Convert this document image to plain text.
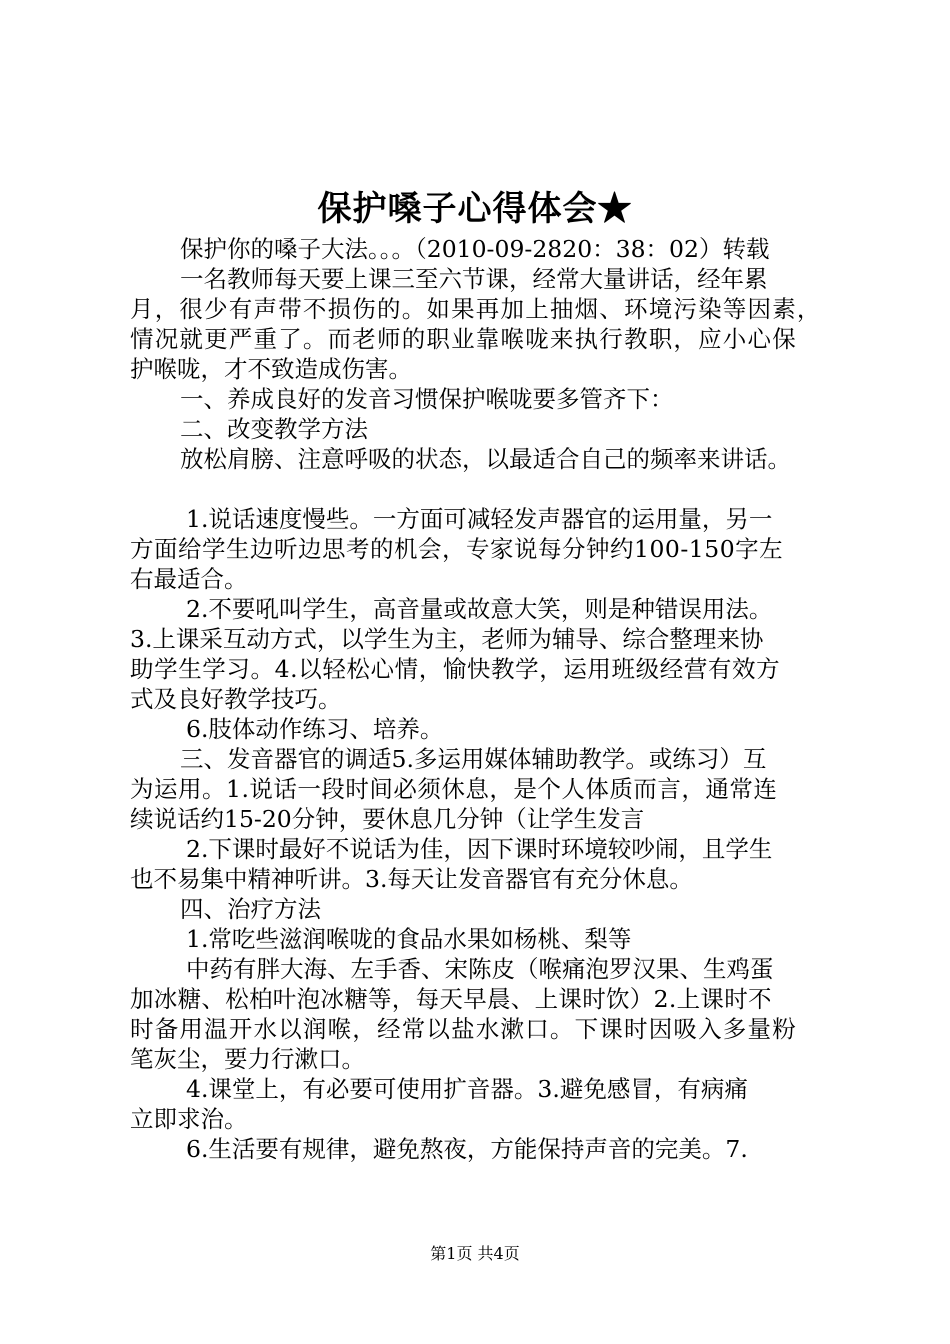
保护嗓子心得体会★
保护你的嗓子大法。。。（2010-09-2820：38：02）转载
一名教师每天要上课三至六节课，经常大量讲话，经年累
月，很少有声带不损伤的。如果再加上抽烟、环境污染等因素，
情况就更严重了。而老师的职业靠喉咙来执行教职，应小心保
护喉咙，才不致造成伤害。
一、养成良好的发音习惯保护喉咙要多管齐下：
二、改变教学方法
放松肩膀、注意呼吸的状态，以最适合自己的频率来讲话。
1.说话速度慢些。一方面可减轻发声器官的运用量，另一
方面给学生边听边思考的机会，专家说每分钟约100-150字左
右最适合。
2.不要吼叫学生，高音量或故意大笑，则是种错误用法。
3.上课采互动方式，以学生为主，老师为辅导、综合整理来协
助学生学习。4.以轻松心情，愉快教学，运用班级经营有效方
式及良好教学技巧。
6.肢体动作练习、培养。
三、发音器官的调适5.多运用媒体辅助教学。或练习）互
为运用。1.说话一段时间必须休息，是个人体质而言，通常连
续说话约15-20分钟，要休息几分钟（让学生发言
2.下课时最好不说话为佳，因下课时环境较吵闹，且学生
也不易集中精神听讲。3.每天让发音器官有充分休息。
四、治疗方法
1.常吃些滋润喉咙的食品水果如杨桃、梨等
中药有胖大海、左手香、宋陈皮（喉痛泡罗汉果、生鸡蛋
加冰糖、松柏叶泡冰糖等，每天早晨、上课时饮）2.上课时不
时备用温开水以润喉，经常以盐水漱口。下课时因吸入多量粉
笔灰尘，要力行漱口。
4.课堂上，有必要可使用扩音器。3.避免感冒，有病痛
立即求治。
6.生活要有规律，避免熬夜，方能保持声音的完美。7.
第1页 共4页
